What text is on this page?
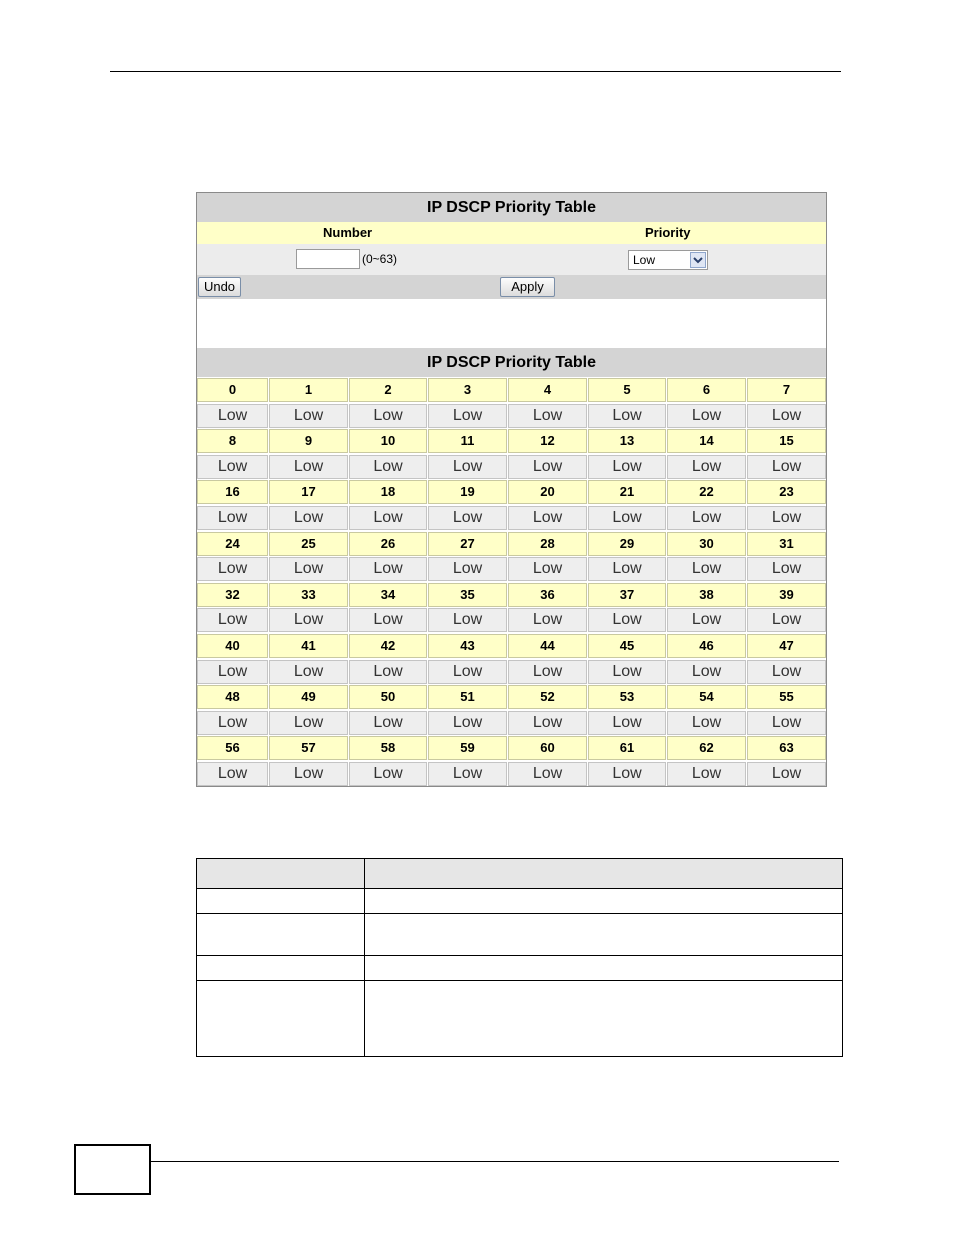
IP DSCP Priority Table
Number	Priority
(0~63)	Low
Undo	Apply
IP DSCP Priority Table
0	1	2	3	4	5	6	7
Low	Low	Low	Low	Low	Low	Low	Low
8	9	10	11	12	13	14	15
Low	Low	Low	Low	Low	Low	Low	Low
16	17	18	19	20	21	22	23
Low	Low	Low	Low	Low	Low	Low	Low
24	25	26	27	28	29	30	31
Low	Low	Low	Low	Low	Low	Low	Low
32	33	34	35	36	37	38	39
Low	Low	Low	Low	Low	Low	Low	Low
40	41	42	43	44	45	46	47
Low	Low	Low	Low	Low	Low	Low	Low
48	49	50	51	52	53	54	55
Low	Low	Low	Low	Low	Low	Low	Low
56	57	58	59	60	61	62	63
Low	Low	Low	Low	Low	Low	Low	Low
